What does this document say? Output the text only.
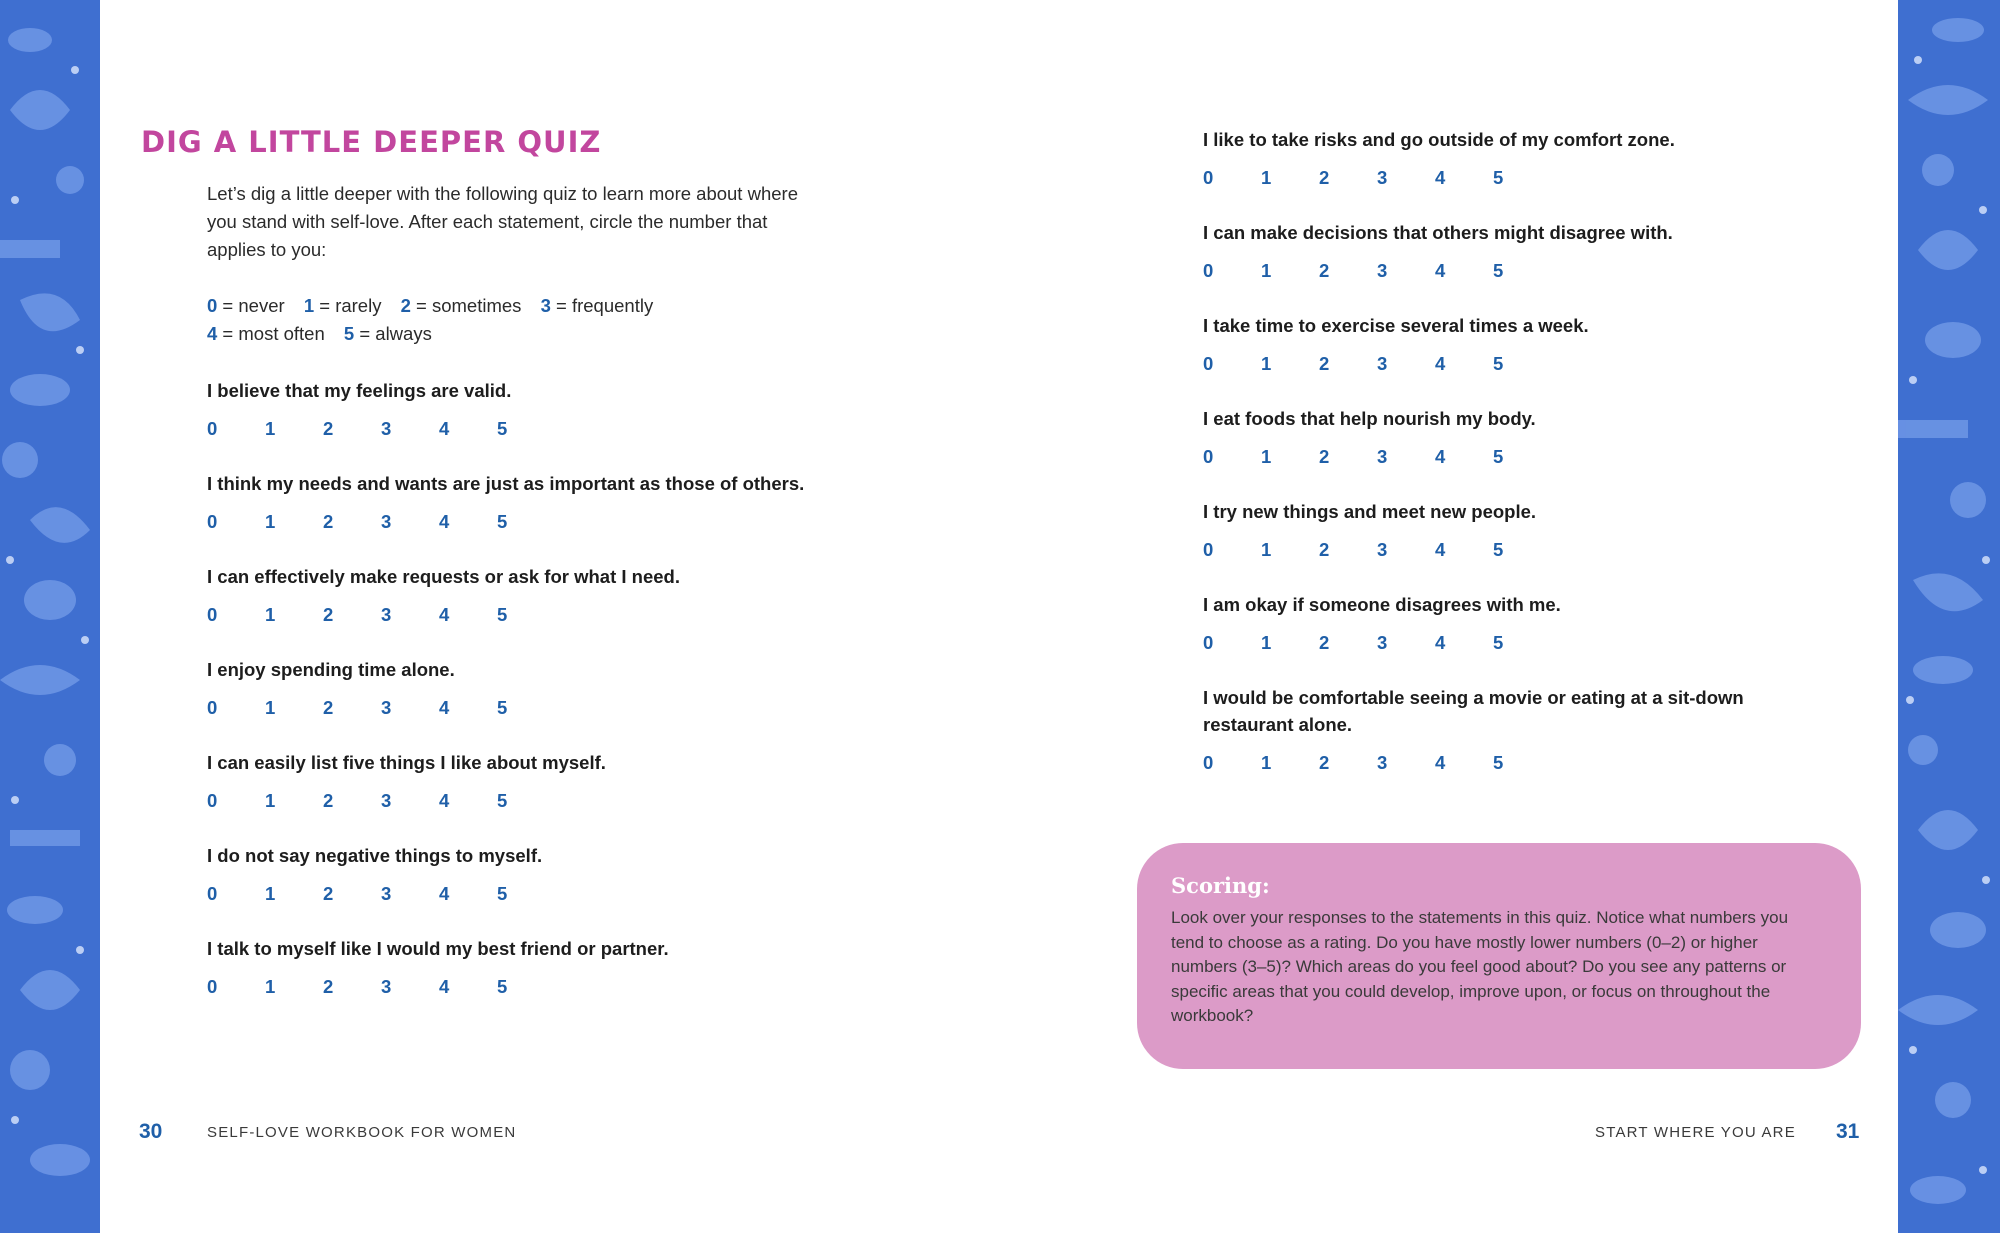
DIG A LITTLE DEEPER QUIZ

Let’s dig a little deeper with the following quiz to learn more about where you stand with self-love. After each statement, circle the number that applies to you:

0 = never 1 = rarely 2 = sometimes 3 = frequently
4 = most often 5 = always

I believe that my feelings are valid.

0	1	2	3	4	5

I think my needs and wants are just as important as those of others.

0	1	2	3	4	5

I can effectively make requests or ask for what I need.

0	1	2	3	4	5

I enjoy spending time alone.

0	1	2	3	4	5

I can easily list five things I like about myself.

0	1	2	3	4	5

I do not say negative things to myself.

0	1	2	3	4	5

I talk to myself like I would my best friend or partner.

0	1	2	3	4	5
30	SELF-LOVE WORKBOOK FOR WOMEN

I like to take risks and go outside of my comfort zone.

0	1	2	3	4	5

I can make decisions that others might disagree with.

0	1	2	3	4	5

I take time to exercise several times a week.

0	1	2	3	4	5

I eat foods that help nourish my body.

0	1	2	3	4	5

I try new things and meet new people.

0	1	2	3	4	5

I am okay if someone disagrees with me.

0	1	2	3	4	5

I would be comfortable seeing a movie or eating at a sit-down restaurant alone.

0	1	2	3	4	5

Scoring:

Look over your responses to the statements in this quiz. Notice what numbers you tend to choose as a rating. Do you have mostly lower numbers (0–2) or higher numbers (3–5)? Which areas do you feel good about? Do you see any patterns or specific areas that you could develop, improve upon, or focus on throughout the workbook?

START WHERE YOU ARE 31
